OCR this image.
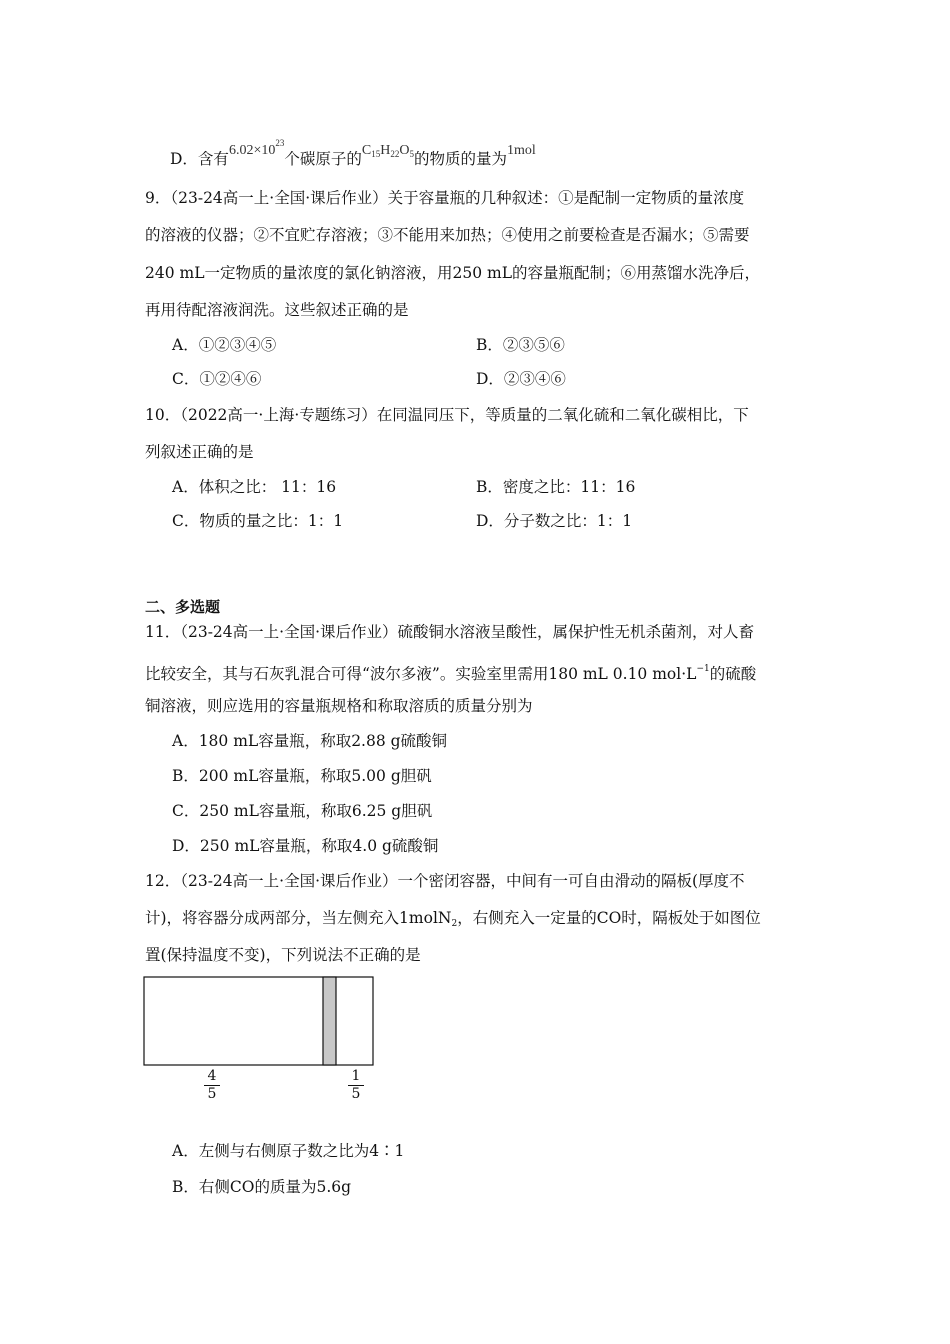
D．含有$6.02\times 10^{23}$个碳原子的$C_{15}H_{22}O_5$的物质的量为1mol
9．（23-24高一上·全国·课后作业）关于容量瓶的几种叙述：①是配制一定物质的量浓度
的溶液的仪器；②不宜贮存溶液；③不能用来加热；④使用之前要检查是否漏水；⑤需要
240 mL一定物质的量浓度的氯化钠溶液，用250 mL的容量瓶配制；⑥用蒸馏水洗净后，
再用待配溶液润洗。这些叙述正确的是
A．①②③④⑤	B．②③⑤⑥
C．①②④⑥	D．②③④⑥
10．（2022高一·上海·专题练习）在同温同压下，等质量的二氧化硫和二氧化碳相比，下
列叙述正确的是
A．体积之比： 11：16	B．密度之比：11：16
C．物质的量之比：1：1	D．分子数之比：1：1
二、多选题
11．（23-24高一上·全国·课后作业）硫酸铜水溶液呈酸性，属保护性无机杀菌剂，对人畜
比较安全，其与石灰乳混合可得“波尔多液”。实验室里需用180 mL 0.10 $mol\cdot L^{-1}$的硫酸
铜溶液，则应选用的容量瓶规格和称取溶质的质量分别为
A．180 mL容量瓶，称取2.88 g硫酸铜
B．200 mL容量瓶，称取5.00 g胆矾
C．250 mL容量瓶，称取6.25 g胆矾
D．250 mL容量瓶，称取4.0 g硫酸铜
12．（23-24高一上·全国·课后作业）一个密闭容器，中间有一可自由滑动的隔板(厚度不
计)，将容器分成两部分，当左侧充入1molN$_2$，右侧充入一定量的CO时，隔板处于如图位
置(保持温度不变)，下列说法不正确的是
4
5
1
5
A．左侧与右侧原子数之比为4∶1
B．右侧CO的质量为5.6g
